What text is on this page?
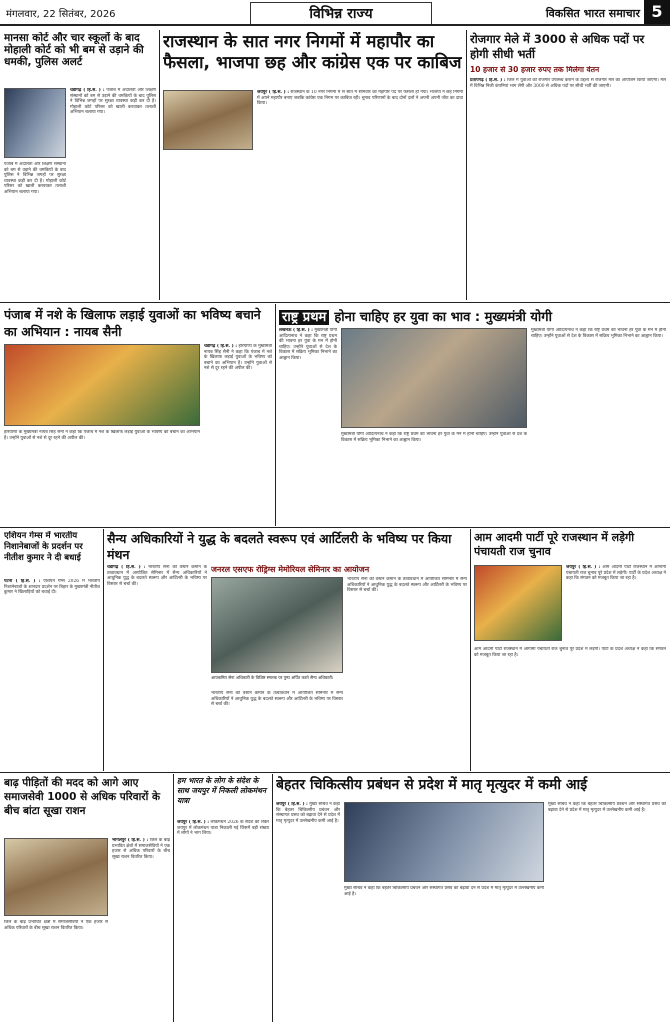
मंगलवार, 22 सितंबर, 2026	विभिन्न राज्य	विकसित भारत समाचार 5
मानसा कोर्ट और चार स्कूलों के बाद मोहाली कोर्ट को भी बम से उड़ाने की धमकी, पुलिस अलर्ट
चंडीगढ़ ( हि.स. ) : पंजाब में अदालतों और शिक्षण संस्थानों को बम से उड़ाने की धमकियों के बाद पुलिस ने विभिन्न जगहों पर सुरक्षा व्यवस्था कड़ी कर दी है। मोहाली कोर्ट परिसर को खाली करवाकर तलाशी अभियान चलाया गया।
पंजाब में अदालतों और शिक्षण संस्थानों को बम से उड़ाने की धमकियों के बाद पुलिस ने विभिन्न जगहों पर सुरक्षा व्यवस्था कड़ी कर दी है। मोहाली कोर्ट परिसर को खाली करवाकर तलाशी अभियान चलाया गया।
राजस्थान के सात नगर निगमों में महापौर का फैसला, भाजपा छह और कांग्रेस एक पर काबिज
जयपुर ( हि.स. ) : राजस्थान के 10 नगर निगमों में से सात में सोमवार को महापौर पद पर फैसला हो गया। भाजपा ने छह निगमों में अपने महापौर बनाए जबकि कांग्रेस एक निगम पर काबिज रही। चुनाव परिणामों के बाद दोनों दलों ने अपनी अपनी जीत का दावा किया।
रोजगार मेले में 3000 से अधिक पदों पर होगी सीधी भर्ती
10 हजार से 30 हजार रुपए तक मिलेगा वेतन
प्रतापगढ़ ( हि.स. ) : जिले में युवाओं को रोजगार उपलब्ध कराने के उद्देश्य से रोजगार मेले का आयोजन किया जाएगा। मेले में विभिन्न निजी कंपनियां भाग लेंगी और 3000 से अधिक पदों पर सीधी भर्ती की जाएगी।
पंजाब में नशे के खिलाफ लड़ाई युवाओं का भविष्य बचाने का अभियान : नायब सैनी
चंडीगढ़ ( हि.स. ) : हरियाणा के मुख्यमंत्री नायब सिंह सैनी ने कहा कि पंजाब में नशे के खिलाफ लड़ाई युवाओं के भविष्य को बचाने का अभियान है। उन्होंने युवाओं से नशे से दूर रहने की अपील की।
हरियाणा के मुख्यमंत्री नायब सिंह सैनी ने कहा कि पंजाब में नशे के खिलाफ लड़ाई युवाओं के भविष्य को बचाने का अभियान है। उन्होंने युवाओं से नशे से दूर रहने की अपील की।
राष्ट्र प्रथम होना चाहिए हर युवा का भाव : मुख्यमंत्री योगी
लखनऊ ( हि.स. ) : मुख्यमंत्री योगी आदित्यनाथ ने कहा कि राष्ट्र प्रथम की भावना हर युवा के मन में होनी चाहिए। उन्होंने युवाओं से देश के विकास में सक्रिय भूमिका निभाने का आह्वान किया।
मुख्यमंत्री योगी आदित्यनाथ ने कहा कि राष्ट्र प्रथम की भावना हर युवा के मन में होनी चाहिए। उन्होंने युवाओं से देश के विकास में सक्रिय भूमिका निभाने का आह्वान किया।
मुख्यमंत्री योगी आदित्यनाथ ने कहा कि राष्ट्र प्रथम की भावना हर युवा के मन में होनी चाहिए। उन्होंने युवाओं से देश के विकास में सक्रिय भूमिका निभाने का आह्वान किया।
एशियन गेम्स में भारतीय निशानेबाजों के प्रदर्शन पर नीतीश कुमार ने दी बधाई
पटना ( हि.स. ) : एशियन गेम्स 2026 में भारतीय निशानेबाजों के शानदार प्रदर्शन पर बिहार के मुख्यमंत्री नीतीश कुमार ने खिलाड़ियों को बधाई दी।
सैन्य अधिकारियों ने युद्ध के बदलते स्वरूप एवं आर्टिलरी के भविष्य पर किया मंथन
जनरल एसएफ रोड्रिग्स मेमोरियल सेमिनार का आयोजन
चंडीगढ़ ( हि.स. ) : भारतीय सेना की वेस्टर्न कमान के तत्वावधान में आयोजित सेमिनार में सैन्य अधिकारियों ने आधुनिक युद्ध के बदलते स्वरूप और आर्टिलरी के भविष्य पर विस्तार से चर्चा की।
आयकमित सेना अधिकारी के विशिष्ट स्मारक पर पुष्प अर्पित करते सैन्य अधिकारी।
भारतीय सेना की वेस्टर्न कमान के तत्वावधान में आयोजित सेमिनार में सैन्य अधिकारियों ने आधुनिक युद्ध के बदलते स्वरूप और आर्टिलरी के भविष्य पर विस्तार से चर्चा की।
भारतीय सेना की वेस्टर्न कमान के तत्वावधान में आयोजित सेमिनार में सैन्य अधिकारियों ने आधुनिक युद्ध के बदलते स्वरूप और आर्टिलरी के भविष्य पर विस्तार से चर्चा की।
आम आदमी पार्टी पूरे राजस्थान में लड़ेगी पंचायती राज चुनाव
जयपुर ( हि.स. ) : आम आदमी पार्टी राजस्थान में आगामी पंचायती राज चुनाव पूरे प्रदेश में लड़ेगी। पार्टी के प्रदेश अध्यक्ष ने कहा कि संगठन को मजबूत किया जा रहा है।
आम आदमी पार्टी राजस्थान में आगामी पंचायती राज चुनाव पूरे प्रदेश में लड़ेगी। पार्टी के प्रदेश अध्यक्ष ने कहा कि संगठन को मजबूत किया जा रहा है।
बाढ़ पीड़ितों की मदद को आगे आए समाजसेवी 1000 से अधिक परिवारों के बीच बांटा सूखा राशन
भागलपुर ( हि.स. ) : जिले के बाढ़ प्रभावित क्षेत्रों में समाजसेवियों ने एक हजार से अधिक परिवारों के बीच सूखा राशन वितरित किया।
जिले के बाढ़ प्रभावित क्षेत्रों में समाजसेवियों ने एक हजार से अधिक परिवारों के बीच सूखा राशन वितरित किया।
हम भारत के लोग के संदेश के साथ जयपुर में निकली लोकमंथन यात्रा
जयपुर ( हि.स. ) : लोकमंथन 2026 के संदेश को लेकर जयपुर में लोकमंथन यात्रा निकाली गई जिसमें बड़ी संख्या में लोगों ने भाग लिया।
बेहतर चिकित्सीय प्रबंधन से प्रदेश में मातृ मृत्युदर में कमी आई
जयपुर ( हि.स. ) : मुख्य सचिव ने कहा कि बेहतर चिकित्सीय प्रबंधन और संस्थागत प्रसव को बढ़ावा देने से प्रदेश में मातृ मृत्युदर में उल्लेखनीय कमी आई है।
मुख्य सचिव ने कहा कि बेहतर चिकित्सीय प्रबंधन और संस्थागत प्रसव को बढ़ावा देने से प्रदेश में मातृ मृत्युदर में उल्लेखनीय कमी आई है।
मुख्य सचिव ने कहा कि बेहतर चिकित्सीय प्रबंधन और संस्थागत प्रसव को बढ़ावा देने से प्रदेश में मातृ मृत्युदर में उल्लेखनीय कमी आई है।
